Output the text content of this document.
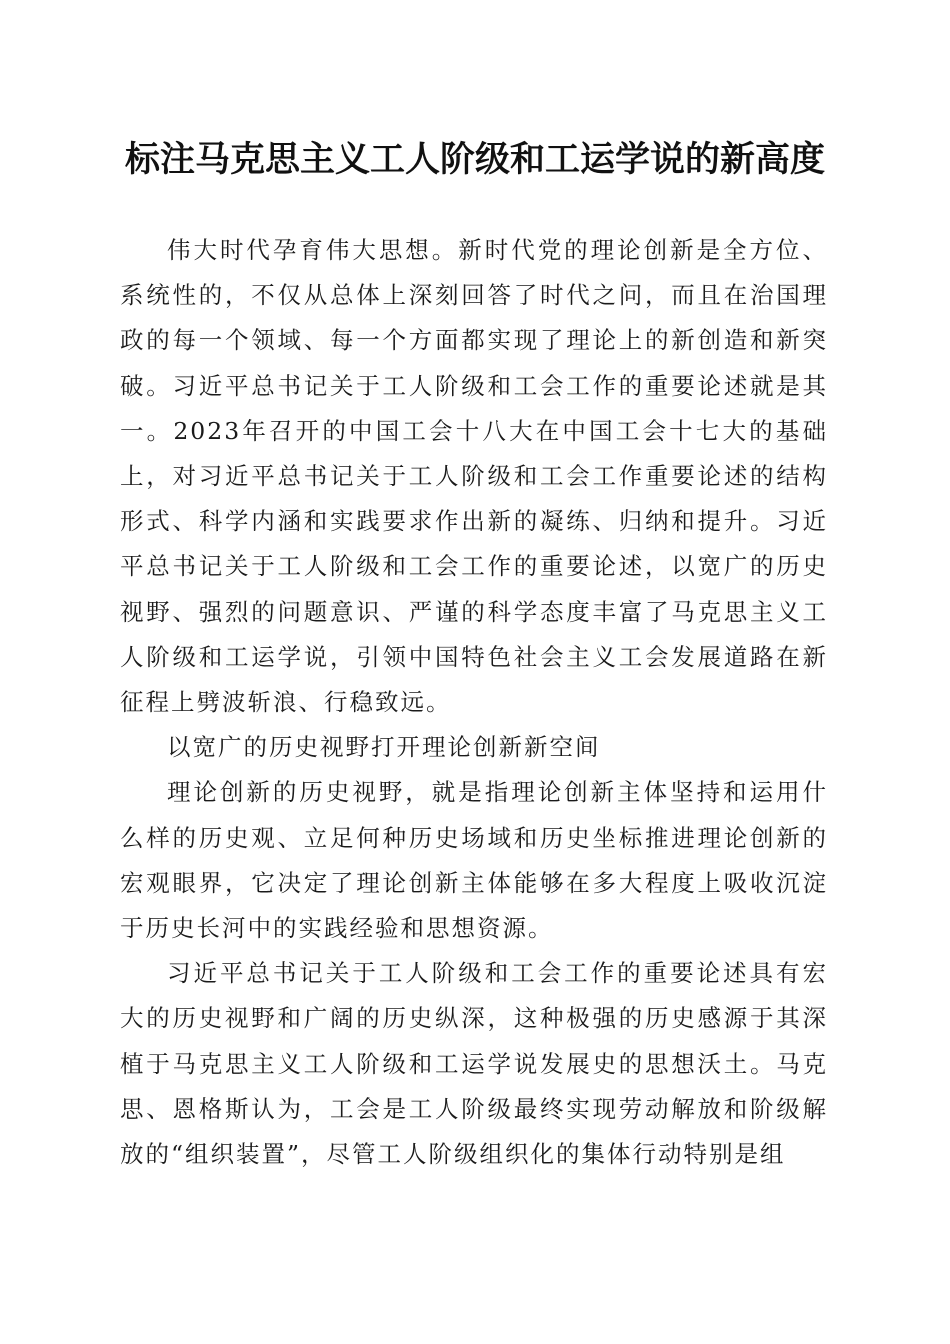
标注马克思主义工人阶级和工运学说的新高度

伟大时代孕育伟大思想。新时代党的理论创新是全方位、系统性的，不仅从总体上深刻回答了时代之问，而且在治国理政的每一个领域、每一个方面都实现了理论上的新创造和新突破。习近平总书记关于工人阶级和工会工作的重要论述就是其一。2023年召开的中国工会十八大在中国工会十七大的基础上，对习近平总书记关于工人阶级和工会工作重要论述的结构形式、科学内涵和实践要求作出新的凝练、归纳和提升。习近平总书记关于工人阶级和工会工作的重要论述，以宽广的历史视野、强烈的问题意识、严谨的科学态度丰富了马克思主义工人阶级和工运学说，引领中国特色社会主义工会发展道路在新征程上劈波斩浪、行稳致远。

以宽广的历史视野打开理论创新新空间

理论创新的历史视野，就是指理论创新主体坚持和运用什么样的历史观、立足何种历史场域和历史坐标推进理论创新的宏观眼界，它决定了理论创新主体能够在多大程度上吸收沉淀于历史长河中的实践经验和思想资源。

习近平总书记关于工人阶级和工会工作的重要论述具有宏大的历史视野和广阔的历史纵深，这种极强的历史感源于其深植于马克思主义工人阶级和工运学说发展史的思想沃土。马克思、恩格斯认为，工会是工人阶级最终实现劳动解放和阶级解放的“组织装置”，尽管工人阶级组织化的集体行动特别是组
